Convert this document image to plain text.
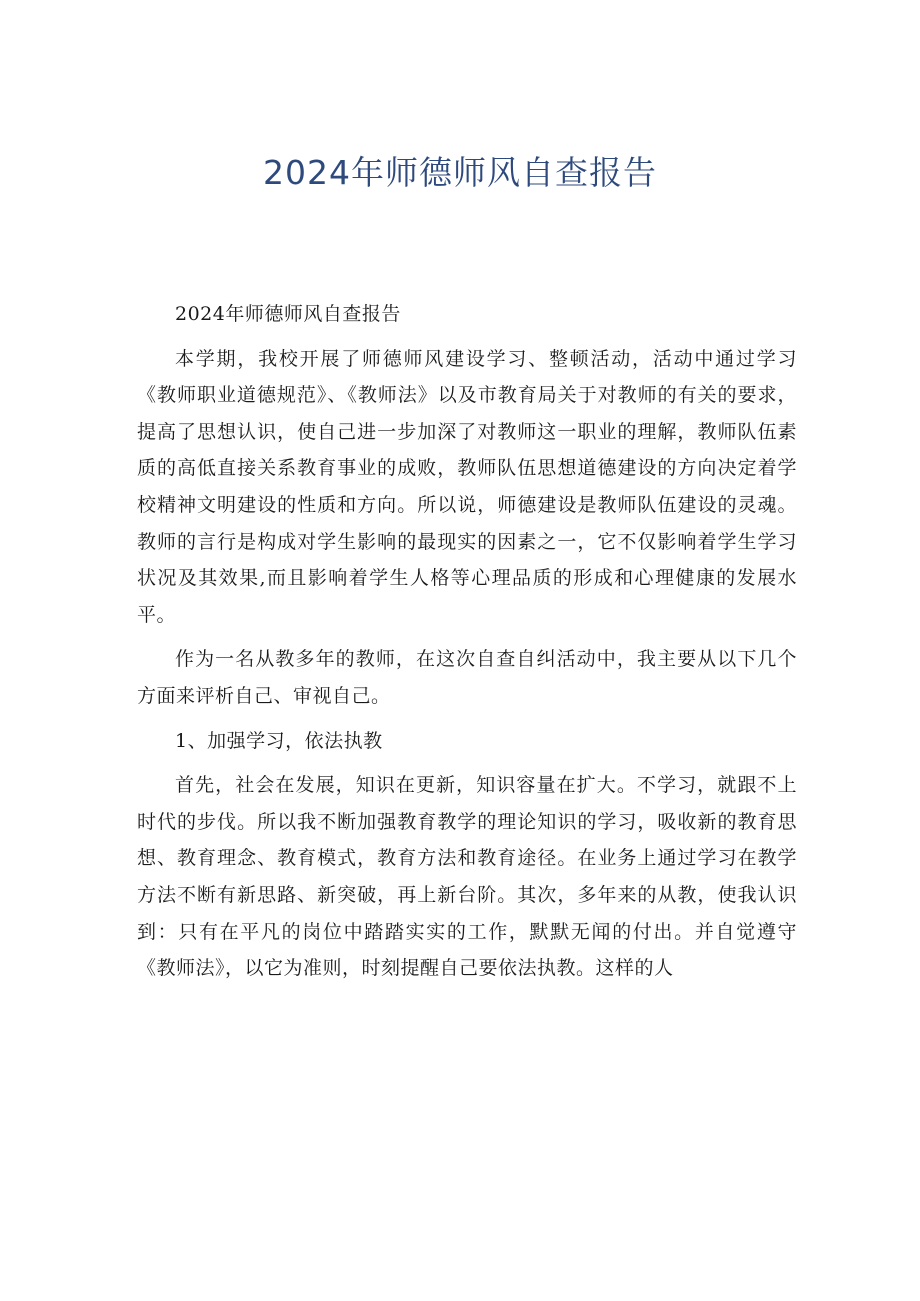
2024年师德师风自查报告

2024年师德师风自查报告

本学期，我校开展了师德师风建设学习、整顿活动，活动中通过学习《教师职业道德规范》、《教师法》以及市教育局关于对教师的有关的要求，提高了思想认识，使自己进一步加深了对教师这一职业的理解，教师队伍素质的高低直接关系教育事业的成败，教师队伍思想道德建设的方向决定着学校精神文明建设的性质和方向。所以说，师德建设是教师队伍建设的灵魂。教师的言行是构成对学生影响的最现实的因素之一，它不仅影响着学生学习状况及其效果,而且影响着学生人格等心理品质的形成和心理健康的发展水平。

作为一名从教多年的教师，在这次自查自纠活动中，我主要从以下几个方面来评析自己、审视自己。

1、加强学习，依法执教

首先，社会在发展，知识在更新，知识容量在扩大。不学习，就跟不上时代的步伐。所以我不断加强教育教学的理论知识的学习，吸收新的教育思想、教育理念、教育模式，教育方法和教育途径。在业务上通过学习在教学方法不断有新思路、新突破，再上新台阶。其次，多年来的从教，使我认识到：只有在平凡的岗位中踏踏实实的工作，默默无闻的付出。并自觉遵守《教师法》，以它为准则，时刻提醒自己要依法执教。这样的人
